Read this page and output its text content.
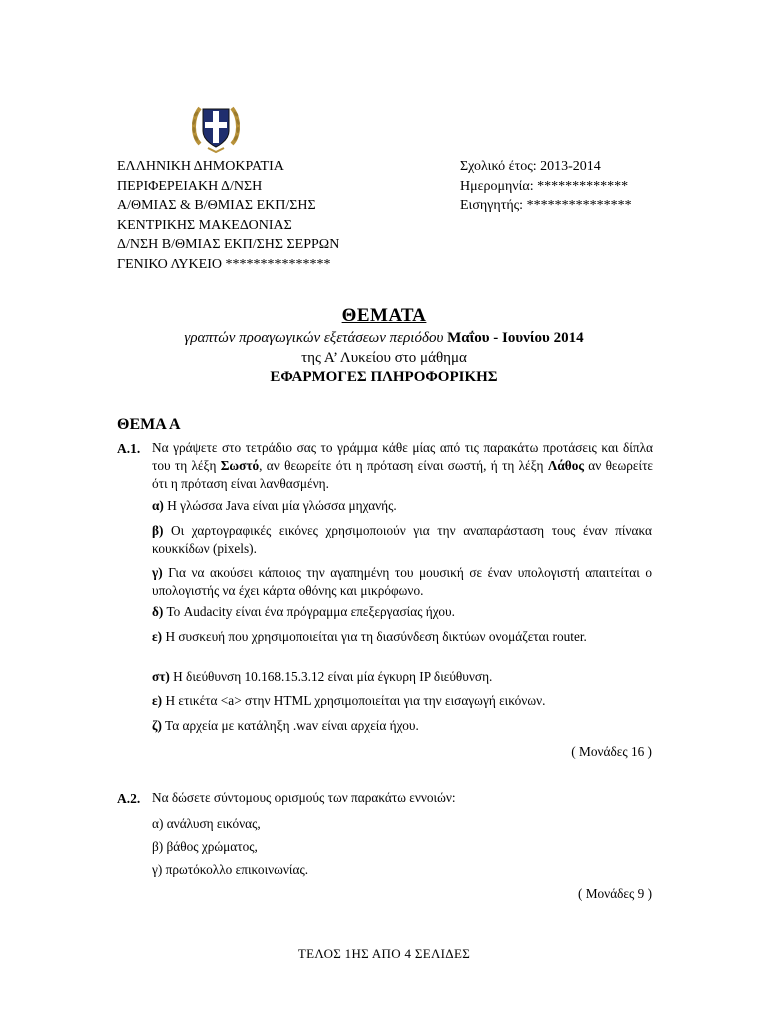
ΕΛΛΗΝΙΚΗ ΔΗΜΟΚΡΑΤΙΑ
ΠΕΡΙΦΕΡΕΙΑΚΗ Δ/ΝΣΗ
Α/ΘΜΙΑΣ & Β/ΘΜΙΑΣ ΕΚΠ/ΣΗΣ
ΚΕΝΤΡΙΚΗΣ ΜΑΚΕΔΟΝΙΑΣ
Δ/ΝΣΗ Β/ΘΜΙΑΣ ΕΚΠ/ΣΗΣ ΣΕΡΡΩΝ
ΓΕΝΙΚΟ ΛΥΚΕΙΟ ***************
Σχολικό έτος: 2013-2014
Ημερομηνία: *************
Εισηγητής: ***************
ΘΕΜΑΤΑ
γραπτών προαγωγικών εξετάσεων περιόδου Μαΐου - Ιουνίου 2014
της Α’ Λυκείου στο μάθημα
ΕΦΑΡΜΟΓΕΣ ΠΛΗΡΟΦΟΡΙΚΗΣ
ΘΕΜΑ Α
A.1. Να γράψετε στο τετράδιο σας το γράμμα κάθε μίας από τις παρακάτω προτάσεις και δίπλα του τη λέξη Σωστό, αν θεωρείτε ότι η πρόταση είναι σωστή, ή τη λέξη Λάθος αν θεωρείτε ότι η πρόταση είναι λανθασμένη.
α) Η γλώσσα Java είναι μία γλώσσα μηχανής.
β) Οι χαρτογραφικές εικόνες χρησιμοποιούν για την αναπαράσταση τους έναν πίνακα κουκκίδων (pixels).
γ) Για να ακούσει κάποιος την αγαπημένη του μουσική σε έναν υπολογιστή απαιτείται ο υπολογιστής να έχει κάρτα οθόνης και μικρόφωνο.
δ) Το Audacity είναι ένα πρόγραμμα επεξεργασίας ήχου.
ε) Η συσκευή που χρησιμοποιείται για τη διασύνδεση δικτύων ονομάζεται router.
στ) Η διεύθυνση 10.168.15.3.12 είναι μία έγκυρη IP διεύθυνση.
ε) Η ετικέτα <a> στην HTML χρησιμοποιείται για την εισαγωγή εικόνων.
ζ) Τα αρχεία με κατάληξη .wav είναι αρχεία ήχου.
( Μονάδες 16 )
A.2. Να δώσετε σύντομους ορισμούς των παρακάτω εννοιών:
α) ανάλυση εικόνας,
β) βάθος χρώματος,
γ) πρωτόκολλο επικοινωνίας.
( Μονάδες 9 )
ΤΕΛΟΣ 1ΗΣ ΑΠΟ 4 ΣΕΛΙΔΕΣ
